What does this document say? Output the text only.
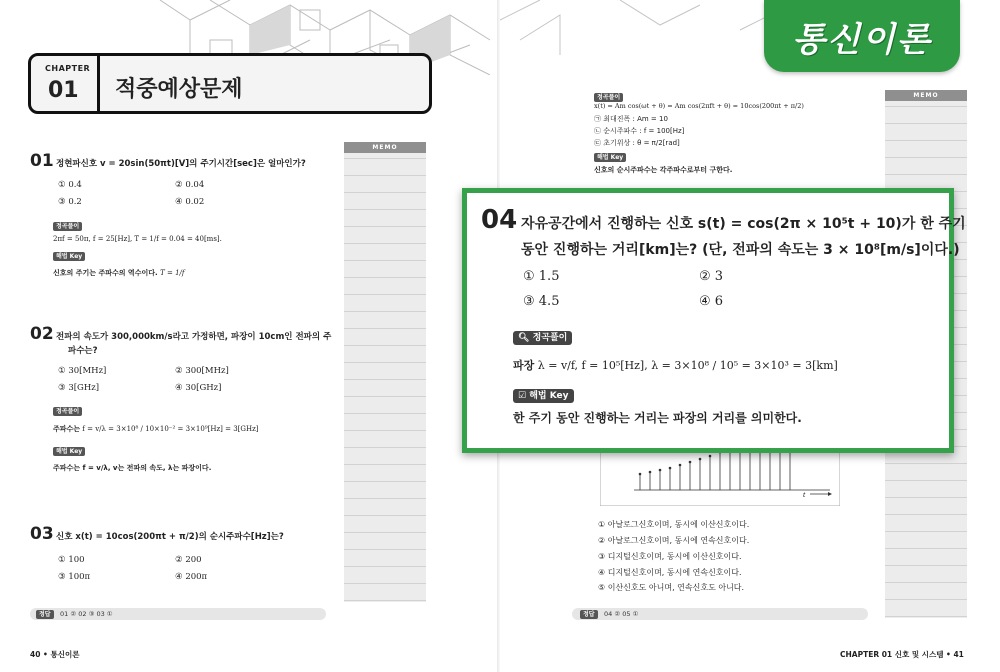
CHAPTER
01 적중예상문제
MEMO
01 정현파신호 v = 20sin(50πt)[V]의 주기시간[sec]은 얼마인가?
① 0.4	② 0.04
③ 0.2	④ 0.02
정곡풀이
2πf = 50π, f = 25[Hz], T = 1/f = 0.04 = 40[ms].
해법 Key
신호의 주기는 주파수의 역수이다. T = 1/f
02 전파의 속도가 300,000km/s라고 가정하면, 파장이 10cm인 전파의 주
파수는?
① 30[MHz]	② 300[MHz]
③ 3[GHz]	④ 30[GHz]
정곡풀이
주파수는 f = v/λ = 3×10⁸ / 10×10⁻² = 3×10⁹[Hz] = 3[GHz]
해법 Key
주파수는 f = v/λ, v는 전파의 속도, λ는 파장이다.
03 신호 x(t) = 10cos(200πt + π/2)의 순시주파수[Hz]는?
① 100	② 200
③ 100π	④ 200π
정답	01 ② 02 ③ 03 ①
40 • 통신이론
MEMO
정곡풀이
x(t) = Am cos(ωt + θ) = Am cos(2πft + θ) = 10cos(200πt + π/2)
㉠ 최대진폭 : Am = 10
㉡ 순시주파수 : f = 100[Hz]
㉢ 초기위상 : θ = π/2[rad]
해법 Key
신호의 순시주파수는 각주파수로부터 구한다.
t
① 아날로그신호이며, 동시에 이산신호이다.
② 아날로그신호이며, 동시에 연속신호이다.
③ 디지털신호이며, 동시에 이산신호이다.
④ 디지털신호이며, 동시에 연속신호이다.
⑤ 이산신호도 아니며, 연속신호도 아니다.
정답	04 ② 05 ①
CHAPTER 01 신호 및 시스템 • 41
통신이론
04 자유공간에서 진행하는 신호 s(t) = cos(2π × 10⁵t + 10)가 한 주기
동안 진행하는 거리[km]는? (단, 전파의 속도는 3 × 10⁸[m/s]이다.)
① 1.5	② 3
③ 4.5	④ 6
🔍︎ 정곡풀이
파장 λ = v/f, f = 10⁵[Hz], λ = 3×10⁸ / 10⁵ = 3×10³ = 3[km]
☑ 해법 Key
한 주기 동안 진행하는 거리는 파장의 거리를 의미한다.
